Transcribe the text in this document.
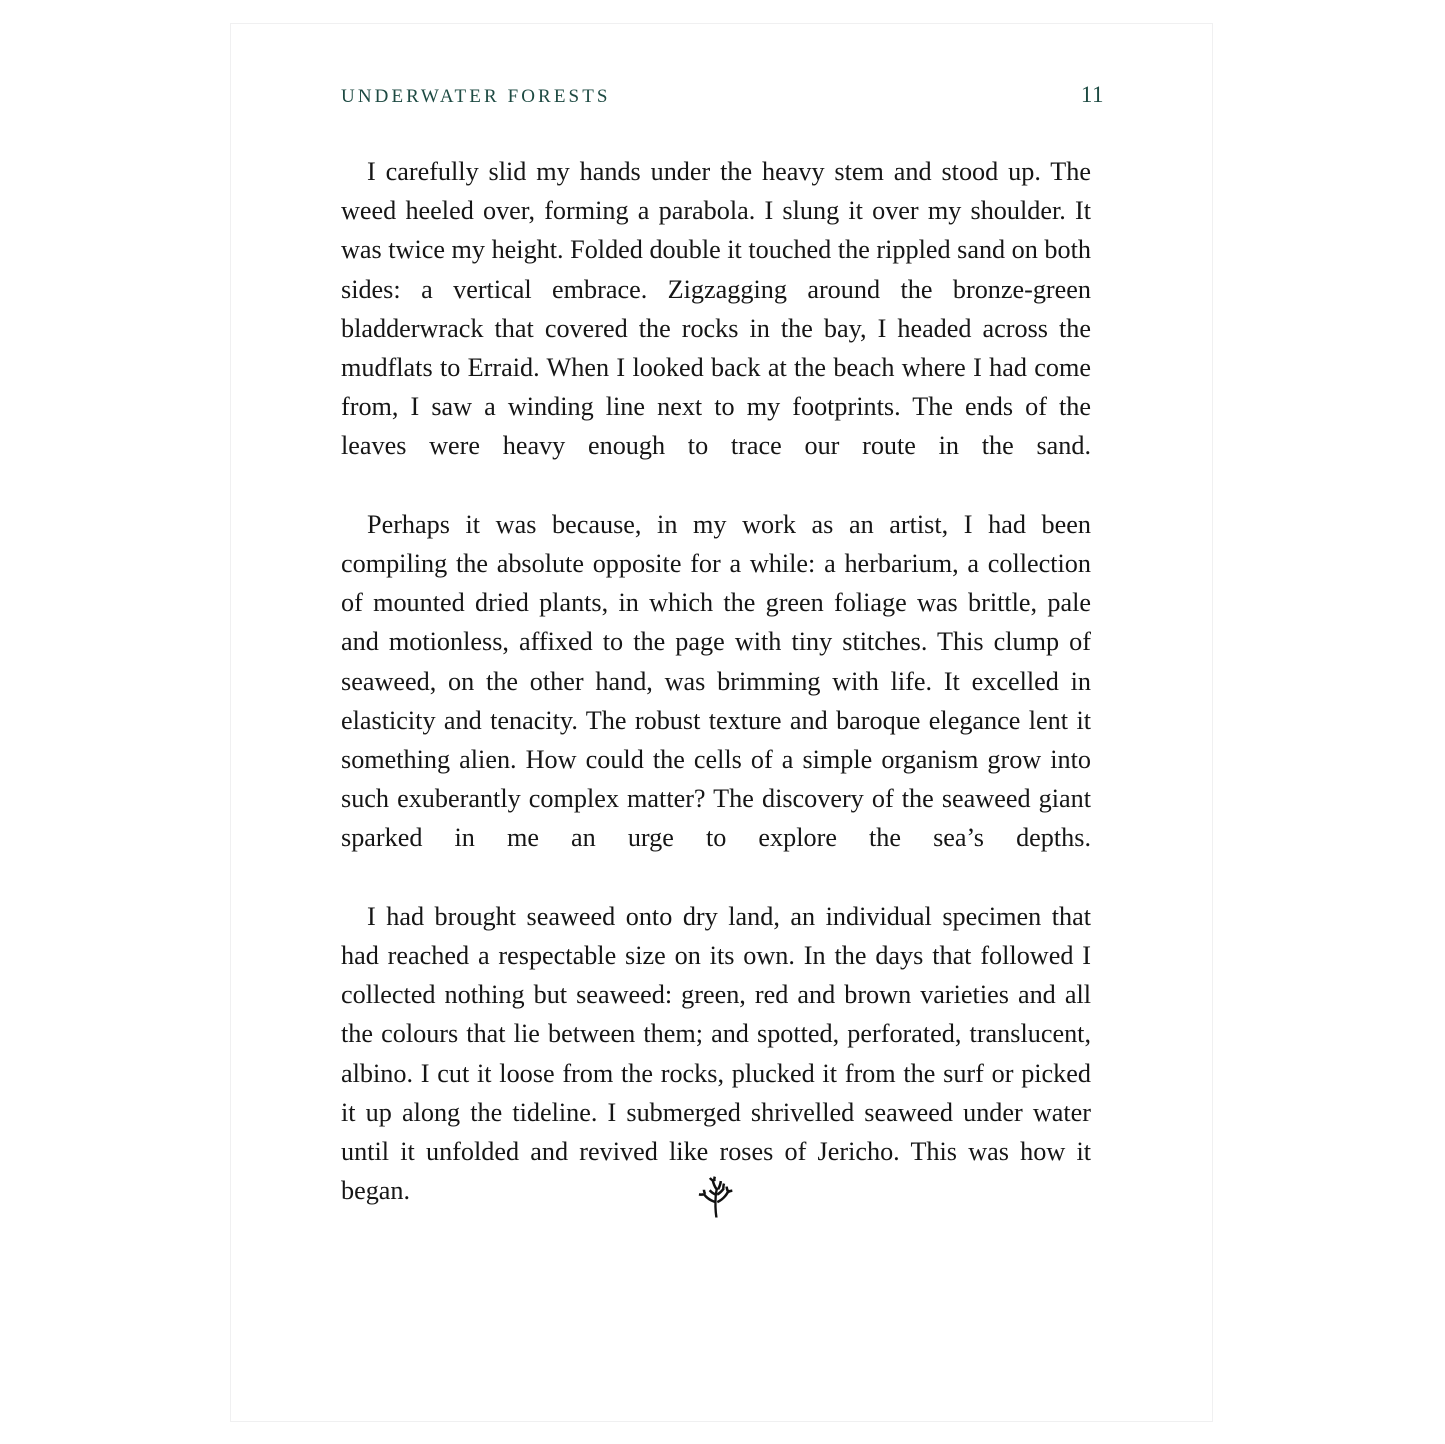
UNDERWATER FORESTS	11

I carefully slid my hands under the heavy stem and stood up. The weed heeled over, forming a parabola. I slung it over my shoulder. It was twice my height. Folded double it touched the rippled sand on both sides: a vertical embrace. Zigzagging around the bronze-green bladderwrack that covered the rocks in the bay, I headed across the mudflats to Erraid. When I looked back at the beach where I had come from, I saw a winding line next to my footprints. The ends of the leaves were heavy enough to trace our route in the sand.

Perhaps it was because, in my work as an artist, I had been compiling the absolute opposite for a while: a herbarium, a collection of mounted dried plants, in which the green foliage was brittle, pale and motionless, affixed to the page with tiny stitches. This clump of seaweed, on the other hand, was brimming with life. It excelled in elasticity and tenacity. The robust texture and baroque elegance lent it something alien. How could the cells of a simple organism grow into such exuberantly complex matter? The discovery of the seaweed giant sparked in me an urge to explore the sea’s depths.

I had brought seaweed onto dry land, an individual specimen that had reached a respectable size on its own. In the days that followed I collected nothing but seaweed: green, red and brown varieties and all the colours that lie between them; and spotted, perforated, translucent, albino. I cut it loose from the rocks, plucked it from the surf or picked it up along the tideline. I submerged shrivelled seaweed under water until it unfolded and revived like roses of Jericho. This was how it began.
